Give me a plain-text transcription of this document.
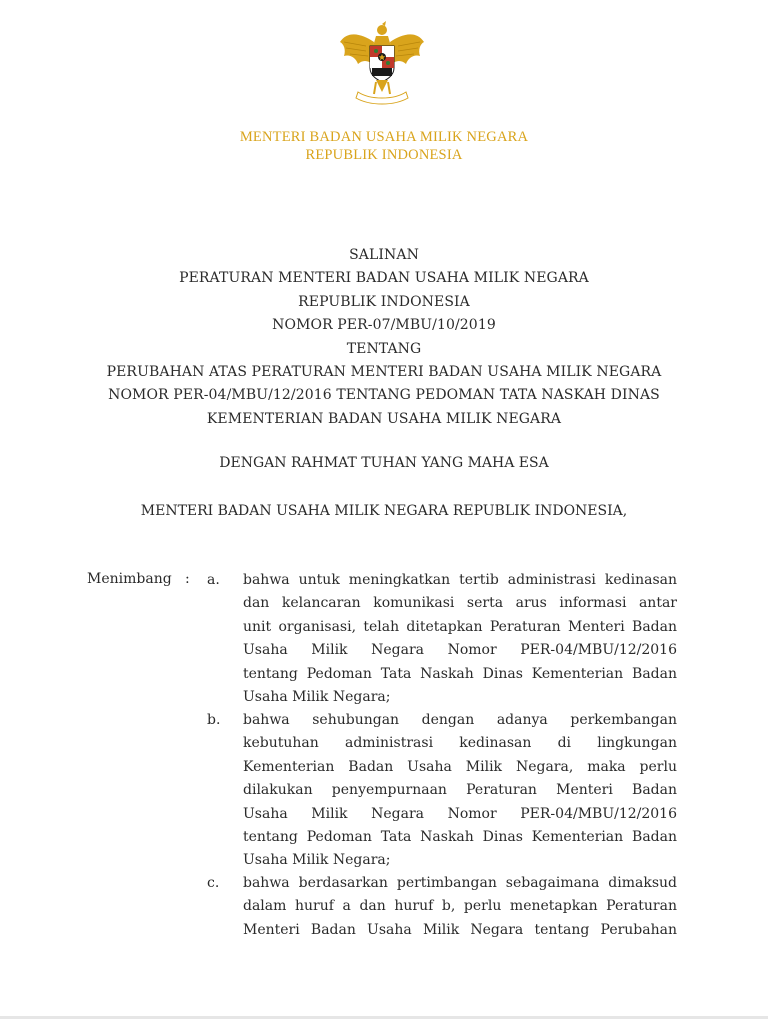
MENTERI BADAN USAHA MILIK NEGARA
REPUBLIK INDONESIA
SALINAN
PERATURAN MENTERI BADAN USAHA MILIK NEGARA
REPUBLIK INDONESIA
NOMOR PER-07/MBU/10/2019
TENTANG
PERUBAHAN ATAS PERATURAN MENTERI BADAN USAHA MILIK NEGARA
NOMOR PER-04/MBU/12/2016 TENTANG PEDOMAN TATA NASKAH DINAS
KEMENTERIAN BADAN USAHA MILIK NEGARA
DENGAN RAHMAT TUHAN YANG MAHA ESA
MENTERI BADAN USAHA MILIK NEGARA REPUBLIK INDONESIA,
Menimbang : a. bahwa untuk meningkatkan tertib administrasi kedinasan
dan kelancaran komunikasi serta arus informasi antar
unit organisasi, telah ditetapkan Peraturan Menteri Badan
Usaha Milik Negara Nomor PER-04/MBU/12/2016
tentang Pedoman Tata Naskah Dinas Kementerian Badan
Usaha Milik Negara;
b. bahwa sehubungan dengan adanya perkembangan
kebutuhan administrasi kedinasan di lingkungan
Kementerian Badan Usaha Milik Negara, maka perlu
dilakukan penyempurnaan Peraturan Menteri Badan
Usaha Milik Negara Nomor PER-04/MBU/12/2016
tentang Pedoman Tata Naskah Dinas Kementerian Badan
Usaha Milik Negara;
c. bahwa berdasarkan pertimbangan sebagaimana dimaksud
dalam huruf a dan huruf b, perlu menetapkan Peraturan
Menteri Badan Usaha Milik Negara tentang Perubahan
